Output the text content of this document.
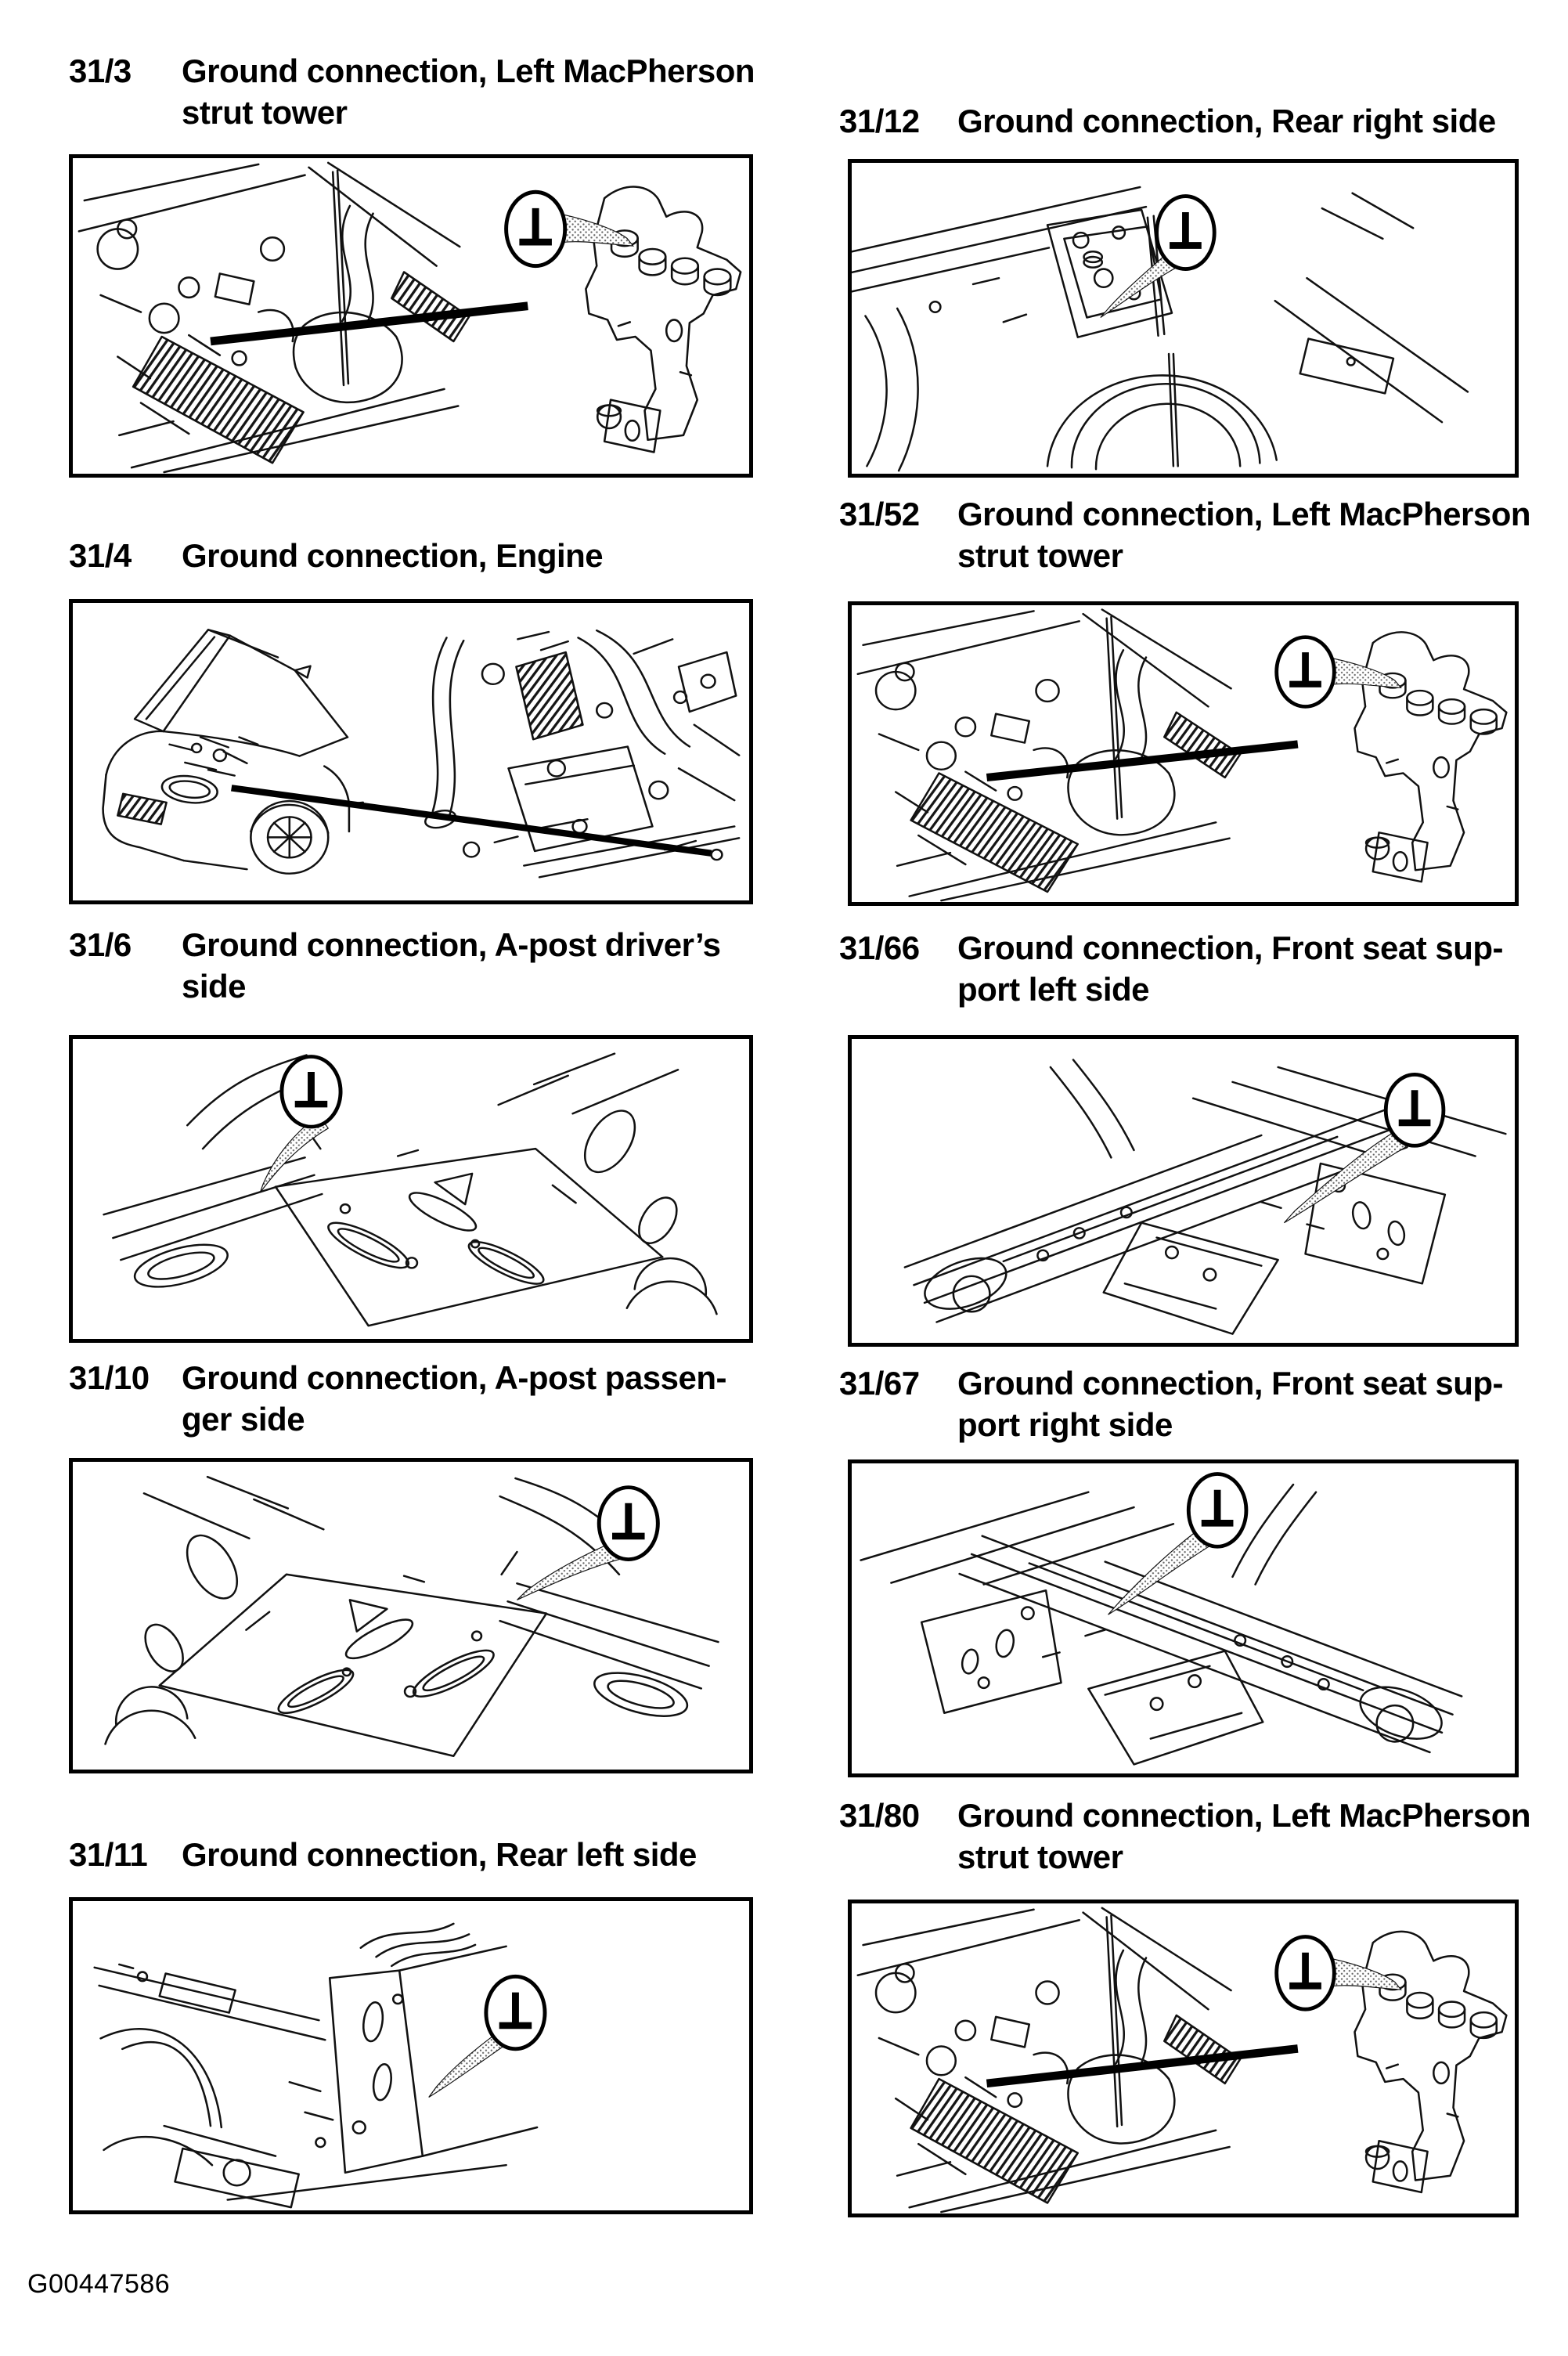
31/3	Ground connection, Left MacPherson
strut tower
31/4	Ground connection, Engine
31/6	Ground connection, A-post driver’s
side
31/10 Ground connection, A-post passen-
ger side
31/11	Ground connection, Rear left side
31/12	Ground connection, Rear right side
31/52	Ground connection, Left MacPherson
strut tower
31/66	Ground connection, Front seat sup-
port left side
31/67	Ground connection, Front seat sup-
port right side
31/80	Ground connection, Left MacPherson
strut tower
G00447586
